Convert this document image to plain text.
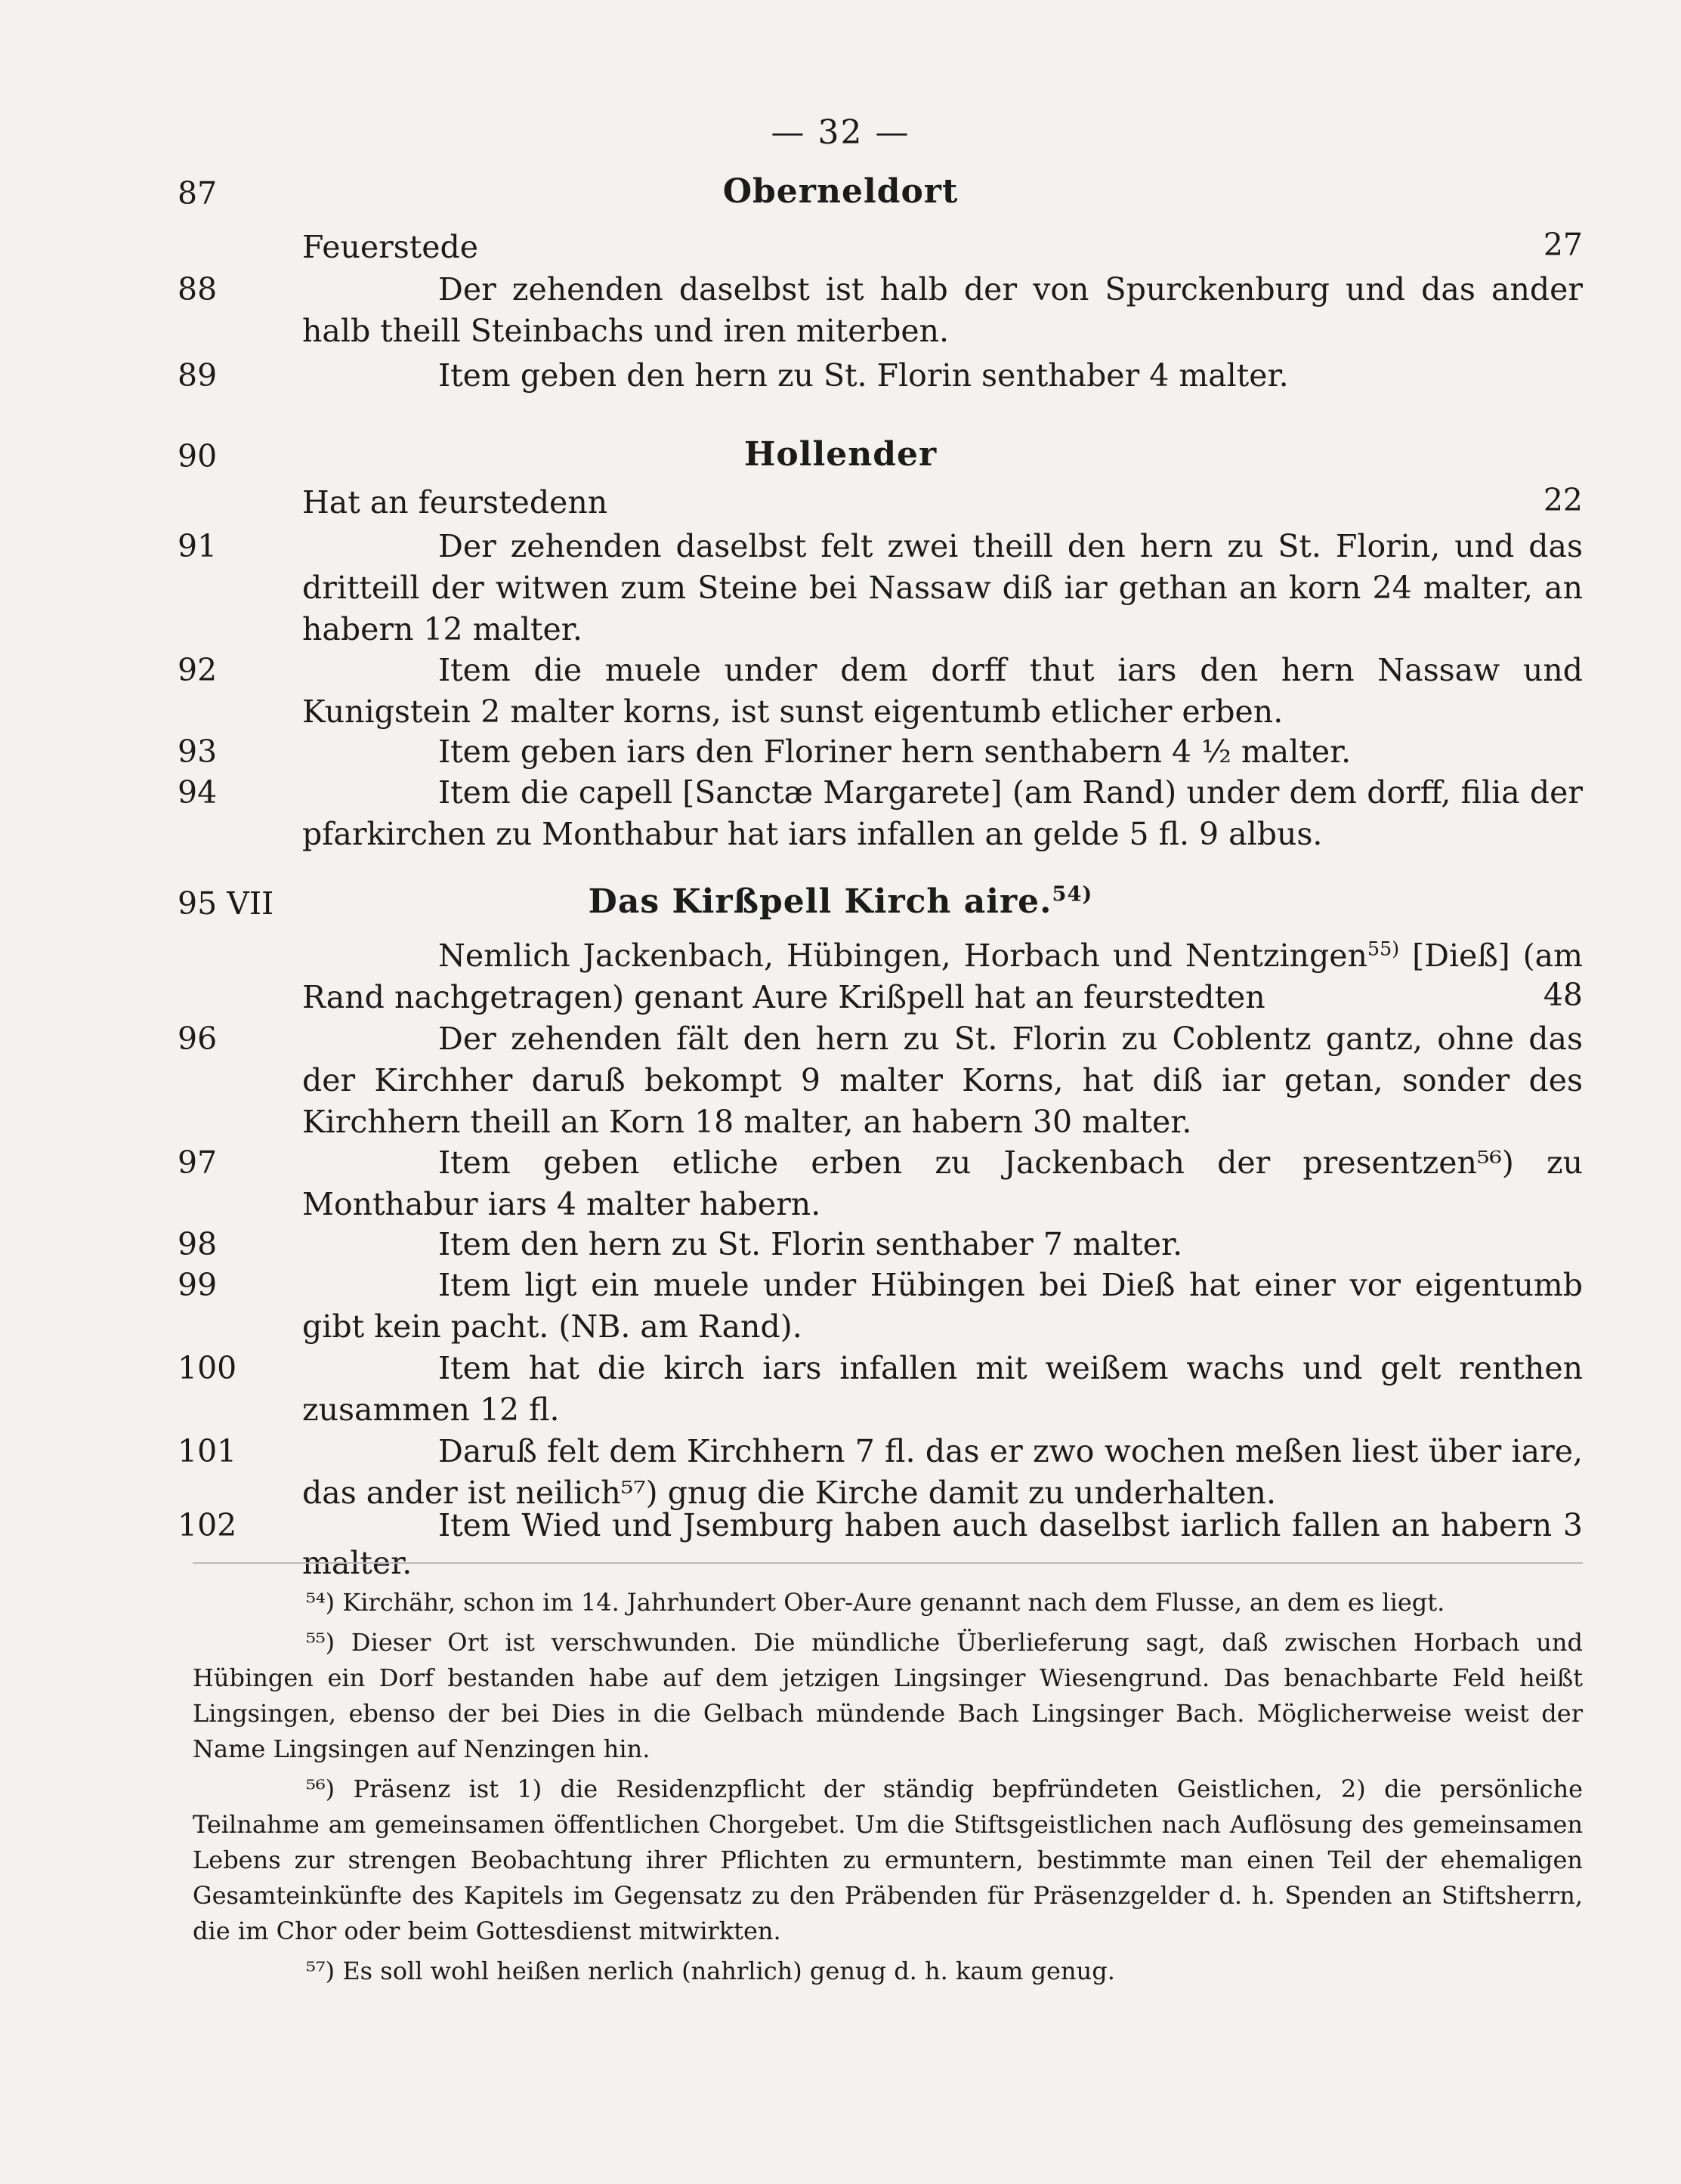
— 32 —
87	Oberneldort
Feuerstede	27
88	Der zehenden daselbst ist halb der von Spurckenburg und das ander halb theill Steinbachs und iren miterben.

89	Item geben den hern zu St. Florin senthaber 4 malter.

90	Hollender
Hat an feurstedenn	22
91	Der zehenden daselbst felt zwei theill den hern zu St. Florin, und das dritteill der witwen zum Steine bei Nassaw diß iar gethan an korn 24 malter, an habern 12 malter.

92	Item die muele under dem dorff thut iars den hern Nassaw und Kunigstein 2 malter korns, ist sunst eigentumb etlicher erben.

93	Item geben iars den Floriner hern senthabern 4 ½ malter.

94	Item die capell [Sanctæ Margarete] (am Rand) under dem dorff, filia der pfarkirchen zu Monthabur hat iars infallen an gelde 5 fl. 9 albus.

95 VII	Das Kirßpell Kirch aire.$^{54)}$

Nemlich Jackenbach, Hübingen, Horbach und Nentzingen$^{55)}$ [Dieß] (am Rand nachgetragen) genant Aure Krißpell hat an feurstedten	48
96	Der zehenden fält den hern zu St. Florin zu Coblentz gantz, ohne das der Kirchher daruß bekompt 9 malter Korns, hat diß iar getan, sonder des Kirchhern theill an Korn 18 malter, an habern 30 malter.

97	Item geben etliche erben zu Jackenbach der presentzen⁵⁶) zu Monthabur iars 4 malter habern.

98	Item den hern zu St. Florin senthaber 7 malter.

99	Item ligt ein muele under Hübingen bei Dieß hat einer vor eigentumb gibt kein pacht. (NB. am Rand).

100	Item hat die kirch iars infallen mit weißem wachs und gelt renthen zusammen 12 fl.

101	Daruß felt dem Kirchhern 7 fl. das er zwo wochen meßen liest über iare, das ander ist neilich⁵⁷) gnug die Kirche damit zu underhalten.

102	Item Wied und Jsemburg haben auch daselbst iarlich fallen an habern 3 malter.

⁵⁴) Kirchähr, schon im 14. Jahrhundert Ober-Aure genannt nach dem Flusse, an dem es liegt.

⁵⁵) Dieser Ort ist verschwunden. Die mündliche Überlieferung sagt, daß zwischen Horbach und Hübingen ein Dorf bestanden habe auf dem jetzigen Lingsinger Wiesengrund. Das benachbarte Feld heißt Lingsingen, ebenso der bei Dies in die Gelbach mündende Bach Lingsinger Bach. Möglicherweise weist der Name Lingsingen auf Nenzingen hin.

⁵⁶) Präsenz ist 1) die Residenzpflicht der ständig bepfründeten Geistlichen, 2) die persönliche Teilnahme am gemeinsamen öffentlichen Chorgebet. Um die Stiftsgeistlichen nach Auflösung des gemeinsamen Lebens zur strengen Beobachtung ihrer Pflichten zu ermuntern, bestimmte man einen Teil der ehemaligen Gesamteinkünfte des Kapitels im Gegensatz zu den Präbenden für Präsenzgelder d. h. Spenden an Stiftsherrn, die im Chor oder beim Gottesdienst mitwirkten.

⁵⁷) Es soll wohl heißen nerlich (nahrlich) genug d. h. kaum genug.
